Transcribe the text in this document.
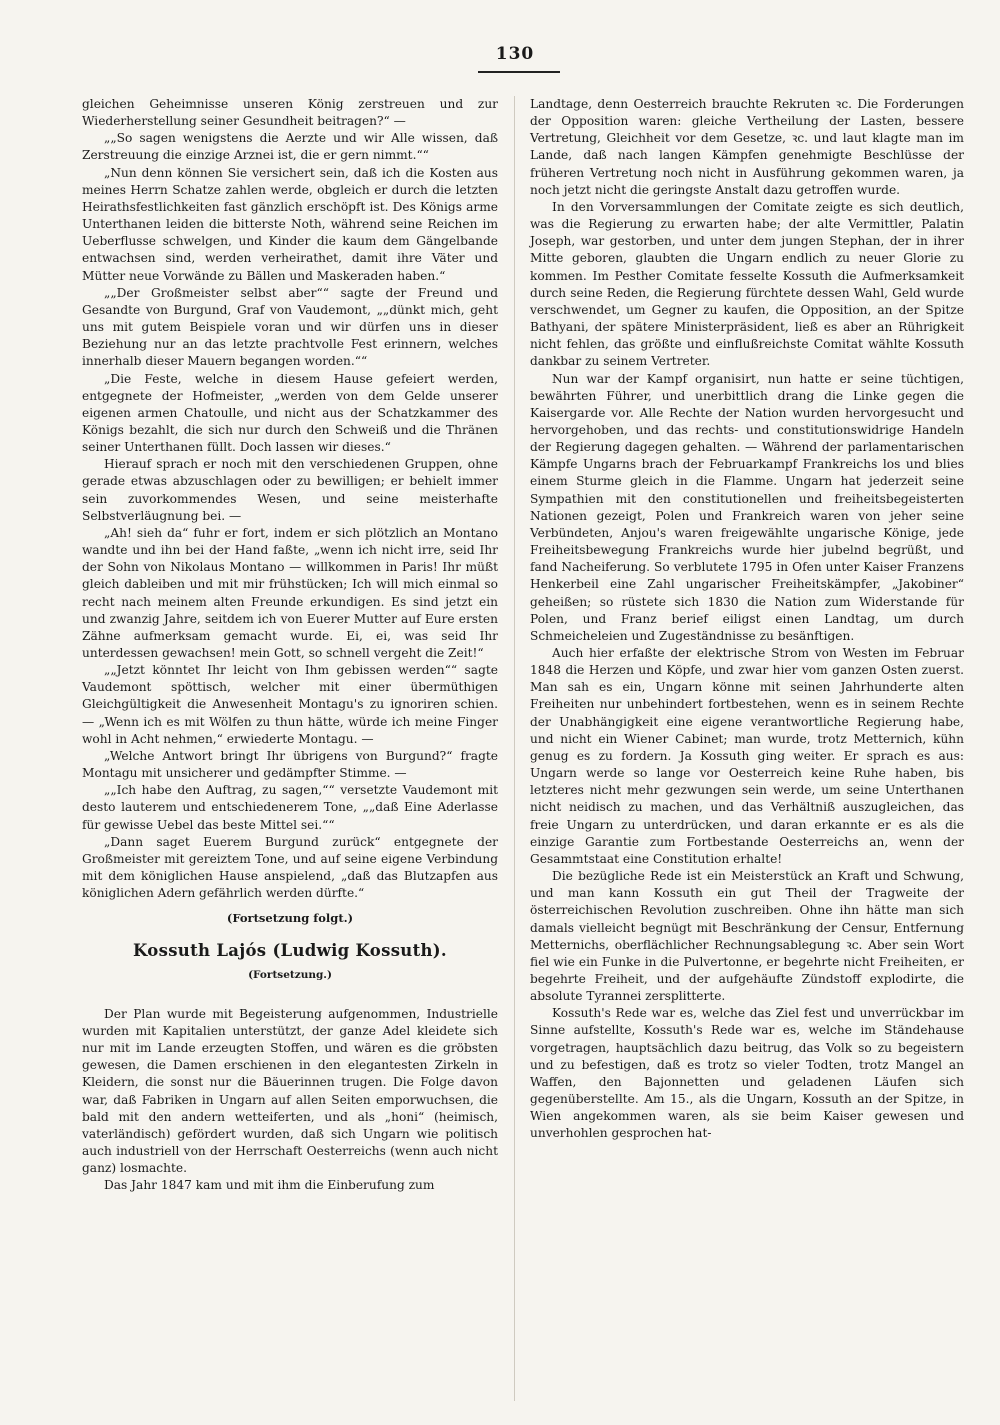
130

gleichen Geheimnisse unseren König zerstreuen und zur Wiederherstellung seiner Gesundheit beitragen?“ —

„„So sagen wenigstens die Aerzte und wir Alle wissen, daß Zerstreuung die einzige Arznei ist, die er gern nimmt.““

„Nun denn können Sie versichert sein, daß ich die Kosten aus meines Herrn Schatze zahlen werde, obgleich er durch die letzten Heirathsfestlichkeiten fast gänzlich erschöpft ist. Des Königs arme Unterthanen leiden die bitterste Noth, während seine Reichen im Ueberflusse schwelgen, und Kinder die kaum dem Gängelbande entwachsen sind, werden verheirathet, damit ihre Väter und Mütter neue Vorwände zu Bällen und Maskeraden haben.“

„„Der Großmeister selbst aber““ sagte der Freund und Gesandte von Burgund, Graf von Vaudemont, „„dünkt mich, geht uns mit gutem Beispiele voran und wir dürfen uns in dieser Beziehung nur an das letzte prachtvolle Fest erinnern, welches innerhalb dieser Mauern begangen worden.““

„Die Feste, welche in diesem Hause gefeiert werden, entgegnete der Hofmeister, „werden von dem Gelde unserer eigenen armen Chatoulle, und nicht aus der Schatzkammer des Königs bezahlt, die sich nur durch den Schweiß und die Thränen seiner Unterthanen füllt. Doch lassen wir dieses.“

Hierauf sprach er noch mit den verschiedenen Gruppen, ohne gerade etwas abzuschlagen oder zu bewilligen; er behielt immer sein zuvorkommendes Wesen, und seine meisterhafte Selbstverläugnung bei. —

„Ah! sieh da“ fuhr er fort, indem er sich plötzlich an Montano wandte und ihn bei der Hand faßte, „wenn ich nicht irre, seid Ihr der Sohn von Nikolaus Montano — willkommen in Paris! Ihr müßt gleich dableiben und mit mir frühstücken; Ich will mich einmal so recht nach meinem alten Freunde erkundigen. Es sind jetzt ein und zwanzig Jahre, seitdem ich von Euerer Mutter auf Eure ersten Zähne aufmerksam gemacht wurde. Ei, ei, was seid Ihr unterdessen gewachsen! mein Gott, so schnell vergeht die Zeit!“

„„Jetzt könntet Ihr leicht von Ihm gebissen werden““ sagte Vaudemont spöttisch, welcher mit einer übermüthigen Gleichgültigkeit die Anwesenheit Montagu's zu ignoriren schien. — „Wenn ich es mit Wölfen zu thun hätte, würde ich meine Finger wohl in Acht nehmen,“ erwiederte Montagu. —

„Welche Antwort bringt Ihr übrigens von Burgund?“ fragte Montagu mit unsicherer und gedämpfter Stimme. —

„„Ich habe den Auftrag, zu sagen,““ versetzte Vaudemont mit desto lauterem und entschiedenerem Tone, „„daß Eine Aderlasse für gewisse Uebel das beste Mittel sei.““

„Dann saget Euerem Burgund zurück“ entgegnete der Großmeister mit gereiztem Tone, und auf seine eigene Verbindung mit dem königlichen Hause anspielend, „daß das Blutzapfen aus königlichen Adern gefährlich werden dürfte.“

(Fortsetzung folgt.)
Kossuth Lajós (Ludwig Kossuth).
(Fortsetzung.)

Der Plan wurde mit Begeisterung aufgenommen, Industrielle wurden mit Kapitalien unterstützt, der ganze Adel kleidete sich nur mit im Lande erzeugten Stoffen, und wären es die gröbsten gewesen, die Damen erschienen in den elegantesten Zirkeln in Kleidern, die sonst nur die Bäuerinnen trugen. Die Folge davon war, daß Fabriken in Ungarn auf allen Seiten emporwuchsen, die bald mit den andern wetteiferten, und als „honi“ (heimisch, vaterländisch) gefördert wurden, daß sich Ungarn wie politisch auch industriell von der Herrschaft Oesterreichs (wenn auch nicht ganz) losmachte.

Das Jahr 1847 kam und mit ihm die Einberufung zum

Landtage, denn Oesterreich brauchte Rekruten ꝛc. Die Forderungen der Opposition waren: gleiche Vertheilung der Lasten, bessere Vertretung, Gleichheit vor dem Gesetze, ꝛc. und laut klagte man im Lande, daß nach langen Kämpfen genehmigte Beschlüsse der früheren Vertretung noch nicht in Ausführung gekommen waren, ja noch jetzt nicht die geringste Anstalt dazu getroffen wurde.

In den Vorversammlungen der Comitate zeigte es sich deutlich, was die Regierung zu erwarten habe; der alte Vermittler, Palatin Joseph, war gestorben, und unter dem jungen Stephan, der in ihrer Mitte geboren, glaubten die Ungarn endlich zu neuer Glorie zu kommen. Im Pesther Comitate fesselte Kossuth die Aufmerksamkeit durch seine Reden, die Regierung fürchtete dessen Wahl, Geld wurde verschwendet, um Gegner zu kaufen, die Opposition, an der Spitze Bathyani, der spätere Ministerpräsident, ließ es aber an Rührigkeit nicht fehlen, das größte und einflußreichste Comitat wählte Kossuth dankbar zu seinem Vertreter.

Nun war der Kampf organisirt, nun hatte er seine tüchtigen, bewährten Führer, und unerbittlich drang die Linke gegen die Kaisergarde vor. Alle Rechte der Nation wurden hervorgesucht und hervorgehoben, und das rechts- und constitutionswidrige Handeln der Regierung dagegen gehalten. — Während der parlamentarischen Kämpfe Ungarns brach der Februarkampf Frankreichs los und blies einem Sturme gleich in die Flamme. Ungarn hat jederzeit seine Sympathien mit den constitutionellen und freiheitsbegeisterten Nationen gezeigt, Polen und Frankreich waren von jeher seine Verbündeten, Anjou's waren freigewählte ungarische Könige, jede Freiheitsbewegung Frankreichs wurde hier jubelnd begrüßt, und fand Nacheiferung. So verblutete 1795 in Ofen unter Kaiser Franzens Henkerbeil eine Zahl ungarischer Freiheitskämpfer, „Jakobiner“ geheißen; so rüstete sich 1830 die Nation zum Widerstande für Polen, und Franz berief eiligst einen Landtag, um durch Schmeicheleien und Zugeständnisse zu besänftigen.

Auch hier erfaßte der elektrische Strom von Westen im Februar 1848 die Herzen und Köpfe, und zwar hier vom ganzen Osten zuerst. Man sah es ein, Ungarn könne mit seinen Jahrhunderte alten Freiheiten nur unbehindert fortbestehen, wenn es in seinem Rechte der Unabhängigkeit eine eigene verantwortliche Regierung habe, und nicht ein Wiener Cabinet; man wurde, trotz Metternich, kühn genug es zu fordern. Ja Kossuth ging weiter. Er sprach es aus: Ungarn werde so lange vor Oesterreich keine Ruhe haben, bis letzteres nicht mehr gezwungen sein werde, um seine Unterthanen nicht neidisch zu machen, und das Verhältniß auszugleichen, das freie Ungarn zu unterdrücken, und daran erkannte er es als die einzige Garantie zum Fortbestande Oesterreichs an, wenn der Gesammtstaat eine Constitution erhalte!

Die bezügliche Rede ist ein Meisterstück an Kraft und Schwung, und man kann Kossuth ein gut Theil der Tragweite der österreichischen Revolution zuschreiben. Ohne ihn hätte man sich damals vielleicht begnügt mit Beschränkung der Censur, Entfernung Metternichs, oberflächlicher Rechnungsablegung ꝛc. Aber sein Wort fiel wie ein Funke in die Pulvertonne, er begehrte nicht Freiheiten, er begehrte Freiheit, und der aufgehäufte Zündstoff explodirte, die absolute Tyrannei zersplitterte.

Kossuth's Rede war es, welche das Ziel fest und unverrückbar im Sinne aufstellte, Kossuth's Rede war es, welche im Ständehause vorgetragen, hauptsächlich dazu beitrug, das Volk so zu begeistern und zu befestigen, daß es trotz so vieler Todten, trotz Mangel an Waffen, den Bajonnetten und geladenen Läufen sich gegenüberstellte. Am 15., als die Ungarn, Kossuth an der Spitze, in Wien angekommen waren, als sie beim Kaiser gewesen und unverhohlen gesprochen hat-
